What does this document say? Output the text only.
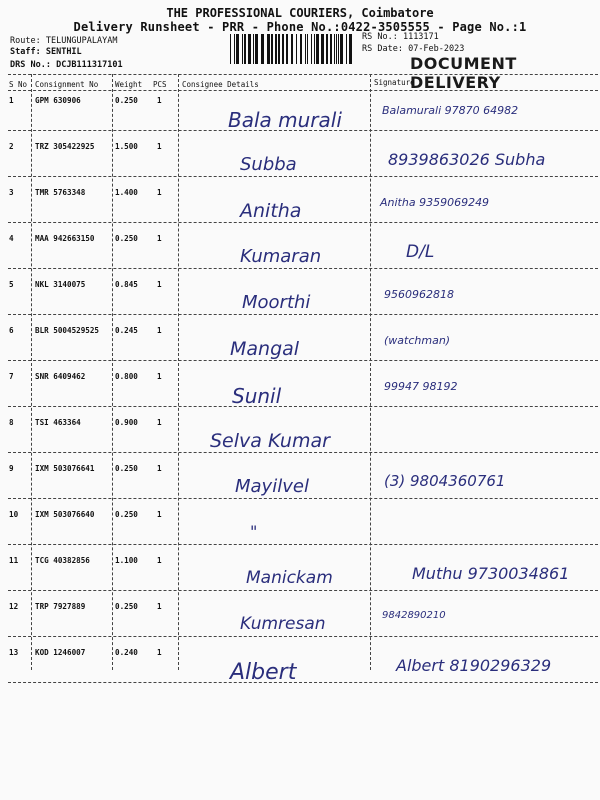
THE PROFESSIONAL COURIERS, Coimbatore
Delivery Runsheet - PRR - Phone No.:0422-3505555 - Page No.:1
Route: TELUNGUPALAYAM
Staff: SENTHIL
DRS No.: DCJB111317101
RS No.: 1113171
RS Date: 07-Feb-2023
DOCUMENT DELIVERY
S No Consignment No Weight PCS Consignee Details	Signature
1	GPM 630906	0.250	1
Bala murali	Balamurali 97870 64982
2	TRZ 305422925	1.500	1
Subba	8939863026 Subha
3	TMR 5763348	1.400	1
Anitha	Anitha 9359069249
4	MAA 942663150	0.250	1
Kumaran	D/L
5	NKL 3140075	0.845	1
Moorthi	9560962818
6	BLR 5004529525 0.245	1
Mangal	(watchman)
7	SNR 6409462	0.800	1
Sunil	99947 98192
8	TSI 463364	0.900	1
Selva Kumar
9	IXM 503076641	0.250	1
Mayilvel	(3) 9804360761
10 IXM 503076640	0.250	1
"
11 TCG 40382856	1.100	1
Manickam	Muthu 9730034861
12 TRP 7927889	0.250	1
Kumresan	9842890210
13 KOD 1246007	0.240	1
Albert	Albert 8190296329
